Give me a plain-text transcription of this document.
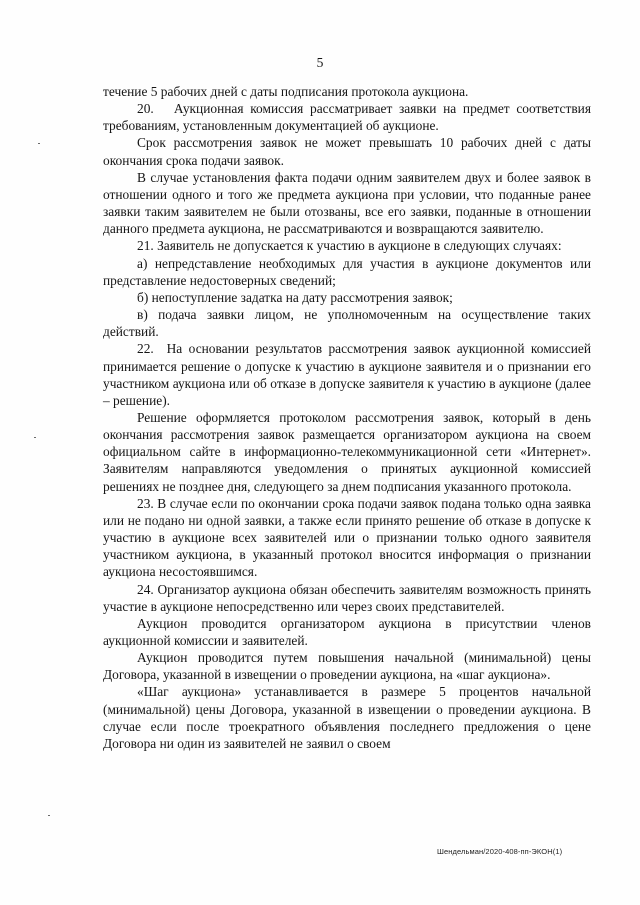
5

течение 5 рабочих дней с даты подписания протокола аукциона.

20.   Аукционная комиссия рассматривает заявки на предмет соответствия требованиям, установленным документацией об аукционе.

Срок рассмотрения заявок не может превышать 10 рабочих дней с даты окончания срока подачи заявок.

В случае установления факта подачи одним заявителем двух и более заявок в отношении одного и того же предмета аукциона при условии, что поданные ранее заявки таким заявителем не были отозваны, все его заявки, поданные в отношении данного предмета аукциона, не рассматриваются и возвращаются заявителю.

21. Заявитель не допускается к участию в аукционе в следующих случаях:

а) непредставление необходимых для участия в аукционе документов или представление недостоверных сведений;

б) непоступление задатка на дату рассмотрения заявок;

в) подача заявки лицом, не уполномоченным на осуществление таких действий.

22.  На основании результатов рассмотрения заявок аукционной комиссией принимается решение о допуске к участию в аукционе заявителя и о признании его участником аукциона или об отказе в допуске заявителя к участию в аукционе (далее – решение).

Решение оформляется протоколом рассмотрения заявок, который в день окончания рассмотрения заявок размещается организатором аукциона на своем официальном сайте в информационно-телекоммуникационной сети «Интернет». Заявителям направляются уведомления о принятых аукционной комиссией решениях не позднее дня, следующего за днем подписания указанного протокола.

23. В случае если по окончании срока подачи заявок подана только одна заявка или не подано ни одной заявки, а также если принято решение об отказе в допуске к участию в аукционе всех заявителей или о признании только одного заявителя участником аукциона, в указанный протокол вносится информация о признании аукциона несостоявшимся.

24. Организатор аукциона обязан обеспечить заявителям возможность принять участие в аукционе непосредственно или через своих представителей.

Аукцион проводится организатором аукциона в присутствии членов аукционной комиссии и заявителей.

Аукцион проводится путем повышения начальной (минимальной) цены Договора, указанной в извещении о проведении аукциона, на «шаг аукциона».

«Шаг аукциона» устанавливается в размере 5 процентов начальной (минимальной) цены Договора, указанной в извещении о проведении аукциона. В случае если после троекратного объявления последнего предложения о цене Договора ни один из заявителей не заявил о своем

Шендельман/2020-408-пп-ЭКОН(1)
